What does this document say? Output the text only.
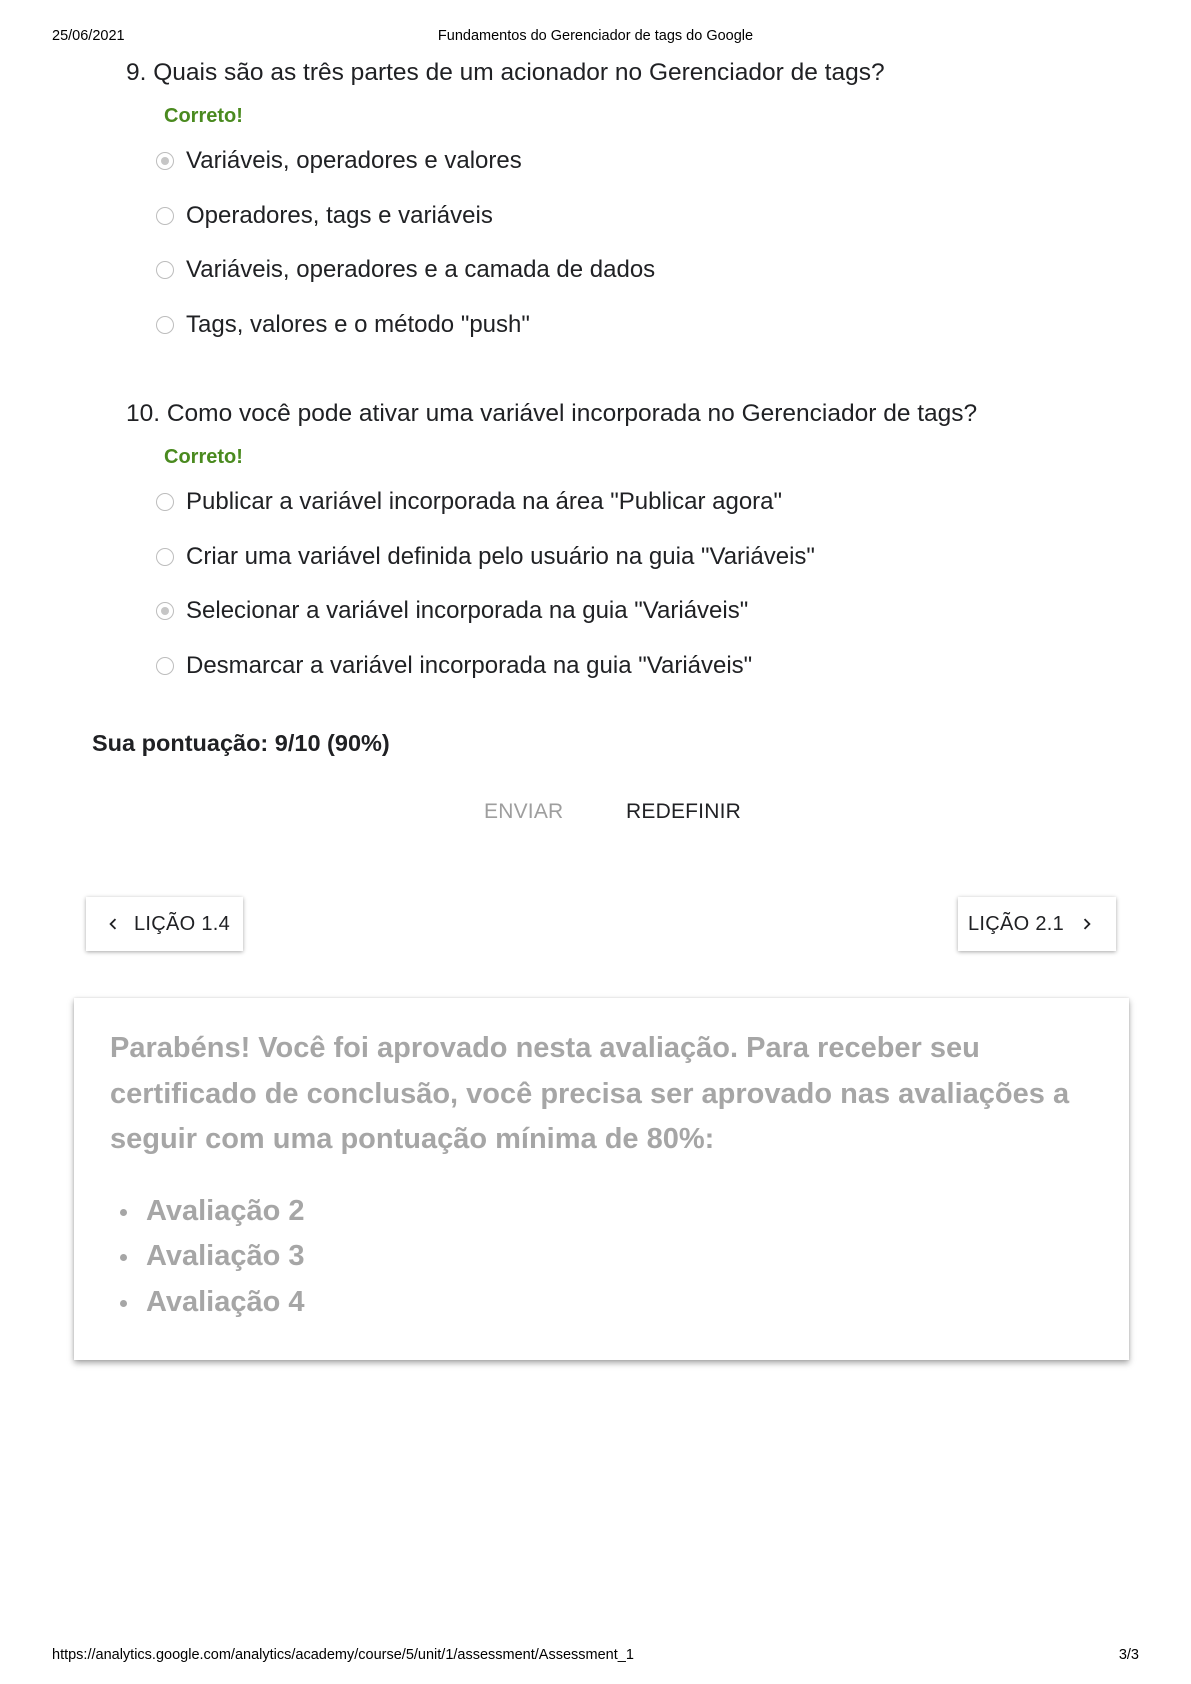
25/06/2021	Fundamentos do Gerenciador de tags do Google

9. Quais são as três partes de um acionador no Gerenciador de tags?

Correto!
Variáveis, operadores e valores
Operadores, tags e variáveis
Variáveis, operadores e a camada de dados
Tags, valores e o método "push"

10. Como você pode ativar uma variável incorporada no Gerenciador de tags?

Correto!
Publicar a variável incorporada na área "Publicar agora"
Criar uma variável definida pelo usuário na guia "Variáveis"
Selecionar a variável incorporada na guia "Variáveis"
Desmarcar a variável incorporada na guia "Variáveis"
Sua pontuação: 9/10 (90%)
ENVIAR	REDEFINIR
LIÇÃO 1.4	LIÇÃO 2.1

Parabéns! Você foi aprovado nesta avaliação. Para receber seu certificado de conclusão, você precisa ser aprovado nas avaliações a seguir com uma pontuação mínima de 80%:

Avaliação 2
Avaliação 3
Avaliação 4
https://analytics.google.com/analytics/academy/course/5/unit/1/assessment/Assessment_1	3/3
